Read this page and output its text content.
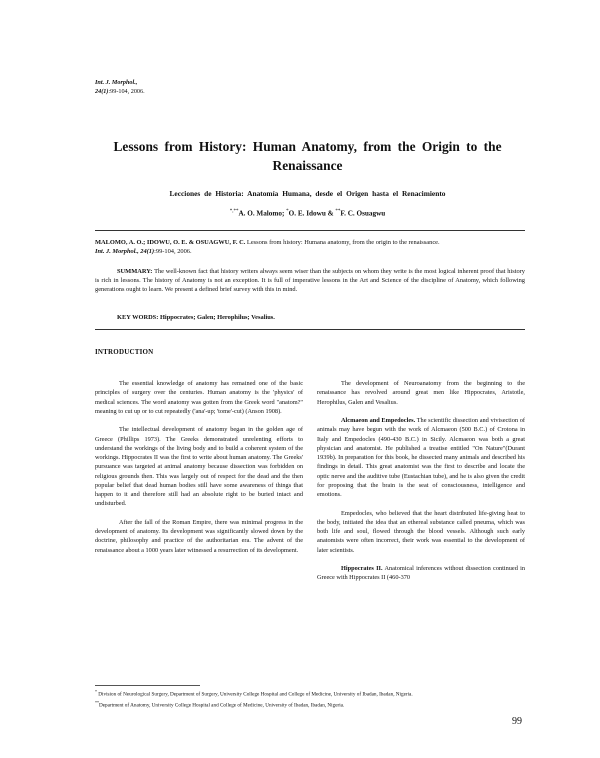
Int. J. Morphol.,
24(1):99-104, 2006.
Lessons from History: Human Anatomy, from the Origin to the Renaissance
Lecciones de Historia: Anatomía Humana, desde el Origen hasta el Renacimiento
*,**A. O. Malomo; *O. E. Idowu & **F. C. Osuagwu
MALOMO, A. O.; IDOWU, O. E. & OSUAGWU, F. C. Lessons from history: Humana anatomy, from the origin to the renaissance.
Int. J. Morphol., 24(1):99-104, 2006.
SUMMARY: The well-known fact that history writers always seem wiser than the subjects on whom they write is the most logical inherent proof that history is rich in lessons. The history of Anatomy is not an exception. It is full of imperative lessons in the Art and Science of the discipline of Anatomy, which following generations ought to learn. We present a defined brief survey with this in mind.
KEY WORDS: Hippocrates; Galen; Herophilus; Vesalius.
INTRODUCTION

The essential knowledge of anatomy has remained one of the basic principles of surgery over the centuries. Human anatomy is the 'physics' of medical sciences. The word anatomy was gotten from the Greek word "anatom?" meaning to cut up or to cut repeatedly ('ana'-up; 'tome'-cut) (Anson 1908).

The intellectual development of anatomy began in the golden age of Greece (Phillips 1973). The Greeks demonstrated unrelenting efforts to understand the workings of the living body and to build a coherent system of the workings. Hippocrates II was the first to write about human anatomy. The Greeks' pursuance was targeted at animal anatomy because dissection was forbidden on religious grounds then. This was largely out of respect for the dead and the then popular belief that dead human bodies still have some awareness of things that happen to it and therefore still had an absolute right to be buried intact and undisturbed.

After the fall of the Roman Empire, there was minimal progress in the development of anatomy. Its development was significantly slowed down by the doctrine, philosophy and practice of the authoritarian era. The advent of the renaissance about a 1000 years later witnessed a resurrection of its development.

The development of Neuroanatomy from the beginning to the renaissance has revolved around great men like Hippocrates, Aristotle, Herophilus, Galen and Vesalius.

Alcmaeon and Empedocles. The scientific dissection and vivisection of animals may have begun with the work of Alcmaeon (500 B.C.) of Crotona in Italy and Empedocles (490-430 B.C.) in Sicily. Alcmaeon was both a great physician and anatomist. He published a treatise entitled "On Nature"(Durant 1939b). In preparation for this book, he dissected many animals and described his findings in detail. This great anatomist was the first to describe and locate the optic nerve and the auditive tube (Eustachian tube), and he is also given the credit for proposing that the brain is the seat of consciousness, intelligence and emotions.

Empedocles, who believed that the heart distributed life-giving heat to the body, initiated the idea that an ethereal substance called pneuma, which was both life and soul, flowed through the blood vessels. Although such early anatomists were often incorrect, their work was essential to the development of later scientists.

Hippocrates II. Anatomical inferences without dissection continued in Greece with Hippocrates II (460-370

* Division of Neurological Surgery, Department of Surgery, University College Hospital and College of Medicine, University of Ibadan, Ibadan, Nigeria.
**Department of Anatomy, University College Hospital and College of Medicine, University of Ibadan, Ibadan, Nigeria.
99
